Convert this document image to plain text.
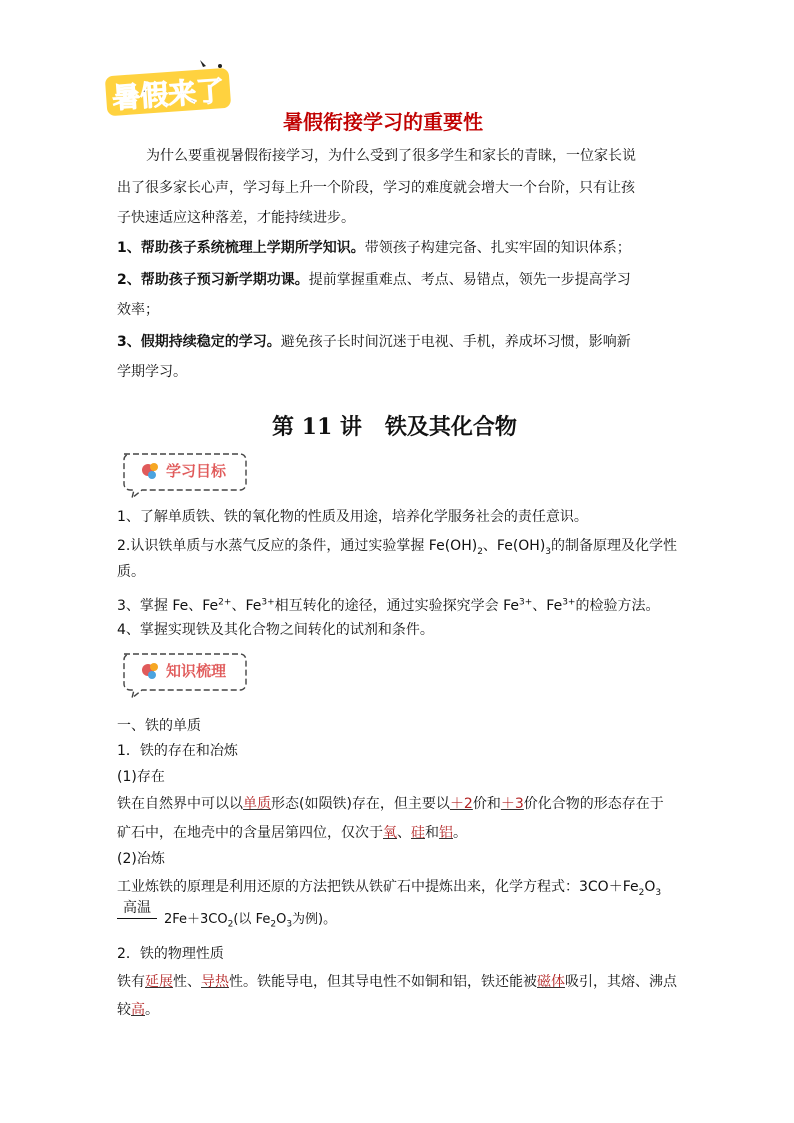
暑假来了
暑假衔接学习的重要性
为什么要重视暑假衔接学习，为什么受到了很多学生和家长的青睐，一位家长说
出了很多家长心声，学习每上升一个阶段，学习的难度就会增大一个台阶，只有让孩
子快速适应这种落差，才能持续进步。
1、帮助孩子系统梳理上学期所学知识。带领孩子构建完备、扎实牢固的知识体系；
2、帮助孩子预习新学期功课。提前掌握重难点、考点、易错点，领先一步提高学习
效率；
3、假期持续稳定的学习。避免孩子长时间沉迷于电视、手机，养成坏习惯，影响新
学期学习。
第 11 讲 铁及其化合物
学习目标
1、了解单质铁、铁的氧化物的性质及用途，培养化学服务社会的责任意识。
2.认识铁单质与水蒸气反应的条件，通过实验掌握 $Fe(OH)_2$、$Fe(OH)_3$的制备原理及化学性
质。
3、掌握 Fe、$Fe^{2+}$、$Fe^{3+}$相互转化的途径，通过实验探究学会 $Fe^{3+}$、$Fe^{3+}$的检验方法。
4、掌握实现铁及其化合物之间转化的试剂和条件。
知识梳理
一、铁的单质
1．铁的存在和冶炼
(1)存在
铁在自然界中可以以单质形态(如陨铁)存在，但主要以＋2价和＋3价化合物的形态存在于
矿石中，在地壳中的含量居第四位，仅次于氧、硅和铝。
(2)冶炼
工业炼铁的原理是利用还原的方法把铁从铁矿石中提炼出来，化学方程式：$3CO+Fe_2O_3$
高温
$2Fe+3CO_2$(以 $Fe_2O_3$为例)。
2．铁的物理性质
铁有延展性、导热性。铁能导电，但其导电性不如铜和铝，铁还能被磁体吸引，其熔、沸点
较高。
